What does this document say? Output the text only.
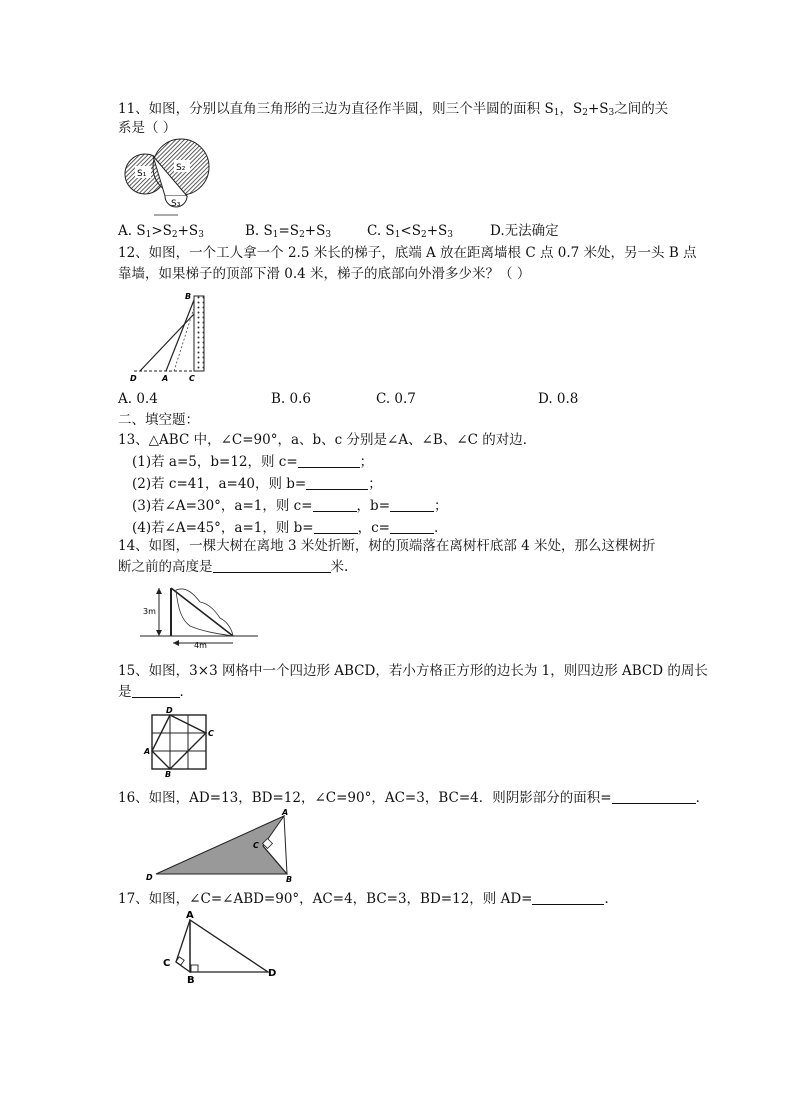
11、如图，分别以直角三角形的三边为直径作半圆，则三个半圆的面积 $S_1$，$S_2+S_3$之间的关
系是（ ）
S₁
S₂
S₃
A. $S_1>S_2+S_3$	B. $S_1=S_2+S_3$	C. $S_1<S_2+S_3$	D.无法确定
12、如图，一个工人拿一个 2.5 米长的梯子，底端 A 放在距离墙根 C 点 0.7 米处，另一头 B 点
靠墙，如果梯子的顶部下滑 0.4 米，梯子的底部向外滑多少米？（ ）
B
D	A	C
A. 0.4	B. 0.6	C. 0.7	D. 0.8
二、填空题：
13、△ABC 中，∠C=90°，a、b、c 分别是∠A、∠B、∠C 的对边．
(1)若 a=5，b=12，则 c=	；
(2)若 c=41，a=40，则 b=	；
(3)若∠A=30°，a=1，则 c=	，b=	；
(4)若∠A=45°，a=1，则 b=	，c=	.
14、如图，一棵大树在离地 3 米处折断，树的顶端落在离树杆底部 4 米处，那么这棵树折
断之前的高度是	米.
3m
4m
15、如图，3×3 网格中一个四边形 ABCD，若小方格正方形的边长为 1，则四边形 ABCD 的周长
是	．
D
C
A
B
16、如图，AD=13，BD=12，∠C=90°，AC=3，BC=4．则阴影部分的面积=	．
D
A
C
B
17、如图，∠C=∠ABD=90°，AC=4，BC=3，BD=12，则 AD=	．
A
C
B
D
